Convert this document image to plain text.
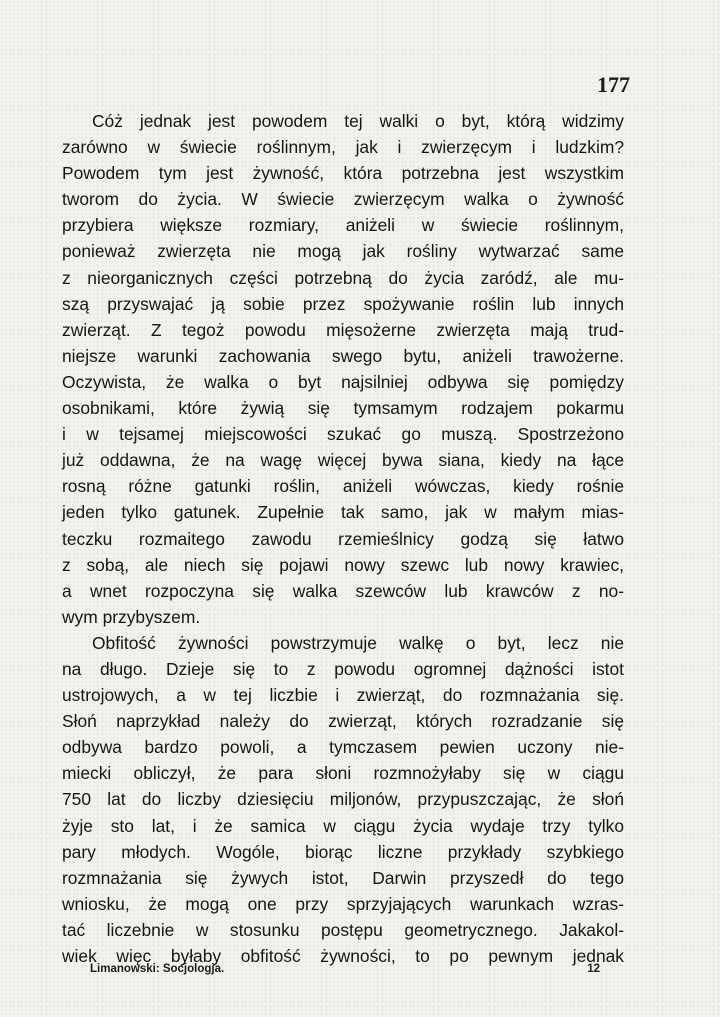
177
Cóż jednak jest powodem tej walki o byt, którą widzimy
zarówno w świecie roślinnym, jak i zwierzęcym i ludzkim?
Powodem tym jest żywność, która potrzebna jest wszystkim
tworom do życia. W świecie zwierzęcym walka o żywność
przybiera większe rozmiary, aniżeli w świecie roślinnym,
ponieważ zwierzęta nie mogą jak rośliny wytwarzać same
z nieorganicznych części potrzebną do życia zaródź, ale mu-
szą przyswajać ją sobie przez spożywanie roślin lub innych
zwierząt. Z tegoż powodu mięsożerne zwierzęta mają trud-
niejsze warunki zachowania swego bytu, aniżeli trawożerne.
Oczywista, że walka o byt najsilniej odbywa się pomiędzy
osobnikami, które żywią się tymsamym rodzajem pokarmu
i w tejsamej miejscowości szukać go muszą. Spostrzeżono
już oddawna, że na wagę więcej bywa siana, kiedy na łące
rosną różne gatunki roślin, aniżeli wówczas, kiedy rośnie
jeden tylko gatunek. Zupełnie tak samo, jak w małym mias-
teczku rozmaitego zawodu rzemieślnicy godzą się łatwo
z sobą, ale niech się pojawi nowy szewc lub nowy krawiec,
a wnet rozpoczyna się walka szewców lub krawców z no-
wym przybyszem.
Obfitość żywności powstrzymuje walkę o byt, lecz nie
na długo. Dzieje się to z powodu ogromnej dążności istot
ustrojowych, a w tej liczbie i zwierząt, do rozmnażania się.
Słoń naprzykład należy do zwierząt, których rozradzanie się
odbywa bardzo powoli, a tymczasem pewien uczony nie-
miecki obliczył, że para słoni rozmnożyłaby się w ciągu
750 lat do liczby dziesięciu miljonów, przypuszczając, że słoń
żyje sto lat, i że samica w ciągu życia wydaje trzy tylko
pary młodych. Wogóle, biorąc liczne przykłady szybkiego
rozmnażania się żywych istot, Darwin przyszedł do tego
wniosku, że mogą one przy sprzyjających warunkach wzras-
tać liczebnie w stosunku postępu geometrycznego. Jakakol-
wiek więc byłaby obfitość żywności, to po pewnym jednak
Limanowski: Socjologja.	12
